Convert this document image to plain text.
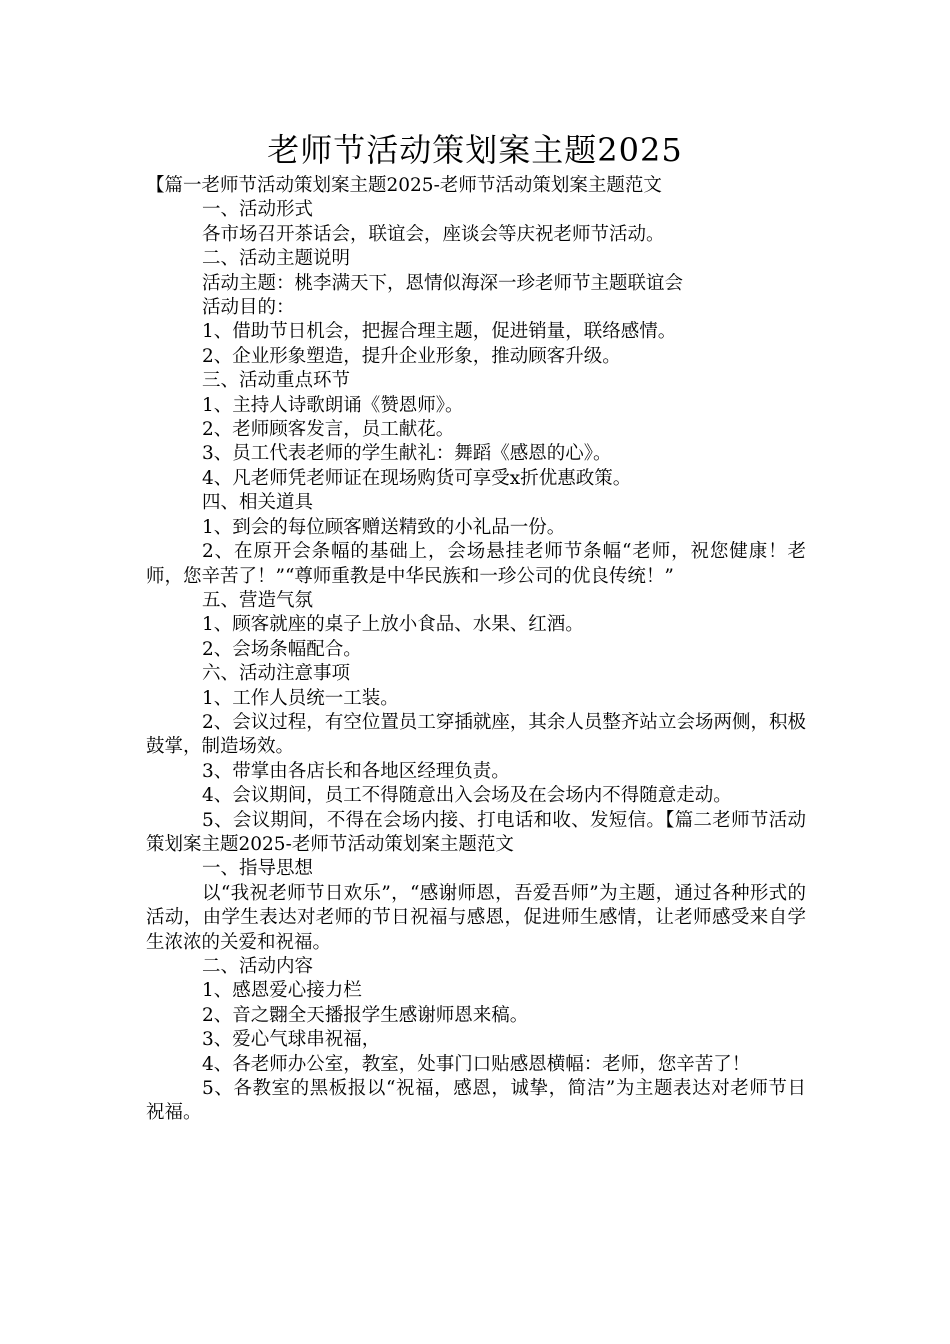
老师节活动策划案主题2025

【篇一老师节活动策划案主题2025-老师节活动策划案主题范文

一、活动形式

各市场召开茶话会，联谊会，座谈会等庆祝老师节活动。

二、活动主题说明

活动主题：桃李满天下，恩情似海深一珍老师节主题联谊会

活动目的：

1、借助节日机会，把握合理主题，促进销量，联络感情。

2、企业形象塑造，提升企业形象，推动顾客升级。

三、活动重点环节

1、主持人诗歌朗诵《赞恩师》。

2、老师顾客发言，员工献花。

3、员工代表老师的学生献礼：舞蹈《感恩的心》。

4、凡老师凭老师证在现场购货可享受x折优惠政策。

四、相关道具

1、到会的每位顾客赠送精致的小礼品一份。

2、在原开会条幅的基础上，会场悬挂老师节条幅“老师，祝您健康！老师，您辛苦了！”“尊师重教是中华民族和一珍公司的优良传统！”

五、营造气氛

1、顾客就座的桌子上放小食品、水果、红酒。

2、会场条幅配合。

六、活动注意事项

1、工作人员统一工装。

2、会议过程，有空位置员工穿插就座，其余人员整齐站立会场两侧，积极鼓掌，制造场效。

3、带掌由各店长和各地区经理负责。

4、会议期间，员工不得随意出入会场及在会场内不得随意走动。

5、会议期间，不得在会场内接、打电话和收、发短信。【篇二老师节活动策划案主题2025-老师节活动策划案主题范文

一、指导思想

以“我祝老师节日欢乐”，“感谢师恩，吾爱吾师”为主题，通过各种形式的活动，由学生表达对老师的节日祝福与感恩，促进师生感情，让老师感受来自学生浓浓的关爱和祝福。

二、活动内容

1、感恩爱心接力栏

2、音之翾全天播报学生感谢师恩来稿。

3、爱心气球串祝福，

4、各老师办公室，教室，处事门口贴感恩横幅：老师，您辛苦了！

5、各教室的黑板报以“祝福，感恩，诚挚，简洁”为主题表达对老师节日祝福。
